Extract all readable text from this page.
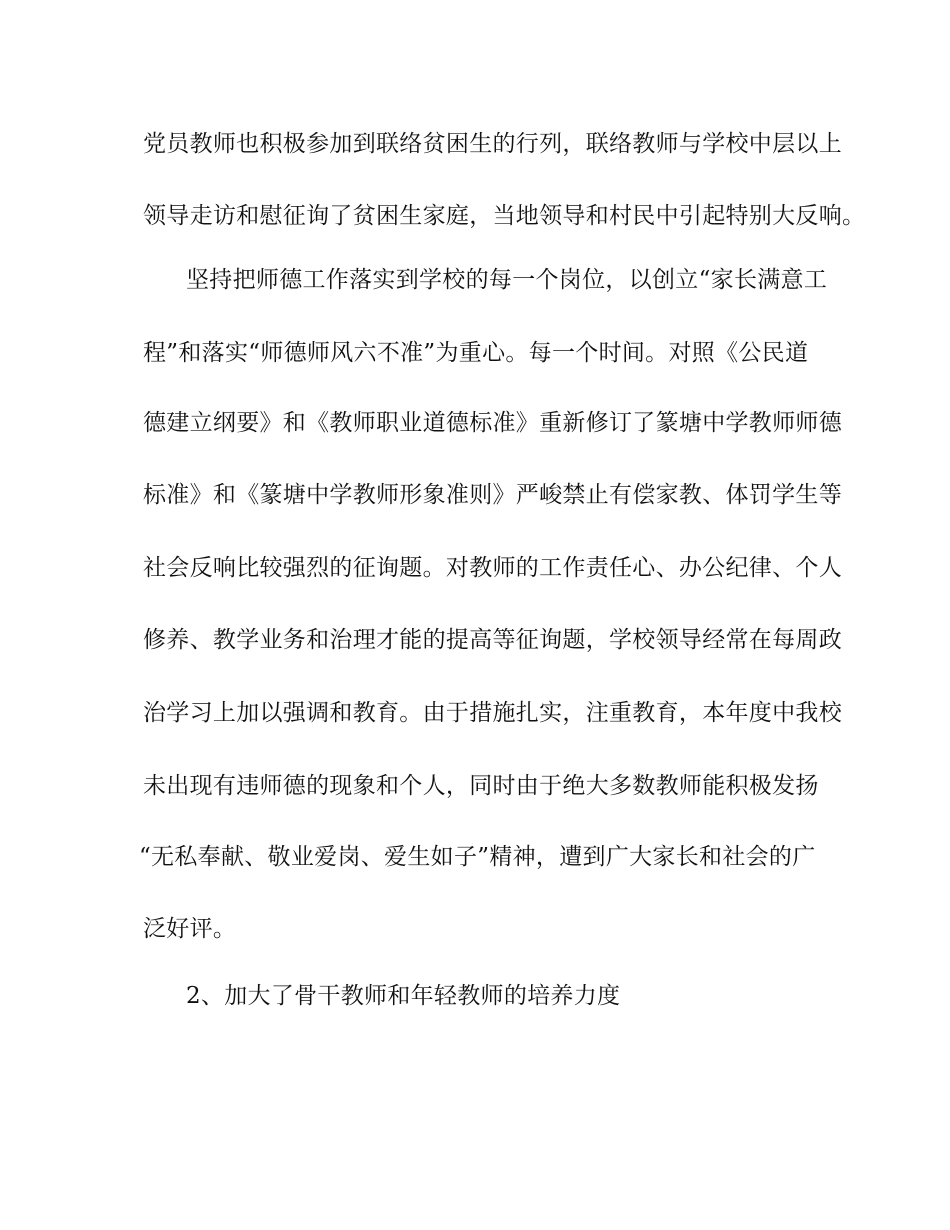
党员教师也积极参加到联络贫困生的行列，联络教师与学校中层以上
领导走访和慰征询了贫困生家庭，当地领导和村民中引起特别大反响。
坚持把师德工作落实到学校的每一个岗位，以创立“家长满意工
程”和落实“师德师风六不准”为重心。每一个时间。对照《公民道
德建立纲要》和《教师职业道德标准》重新修订了篆塘中学教师师德
标准》和《篆塘中学教师形象准则》严峻禁止有偿家教、体罚学生等
社会反响比较强烈的征询题。对教师的工作责任心、办公纪律、个人
修养、教学业务和治理才能的提高等征询题，学校领导经常在每周政
治学习上加以强调和教育。由于措施扎实，注重教育，本年度中我校
未出现有违师德的现象和个人，同时由于绝大多数教师能积极发扬
“无私奉献、敬业爱岗、爱生如子”精神，遭到广大家长和社会的广
泛好评。
2、加大了骨干教师和年轻教师的培养力度
